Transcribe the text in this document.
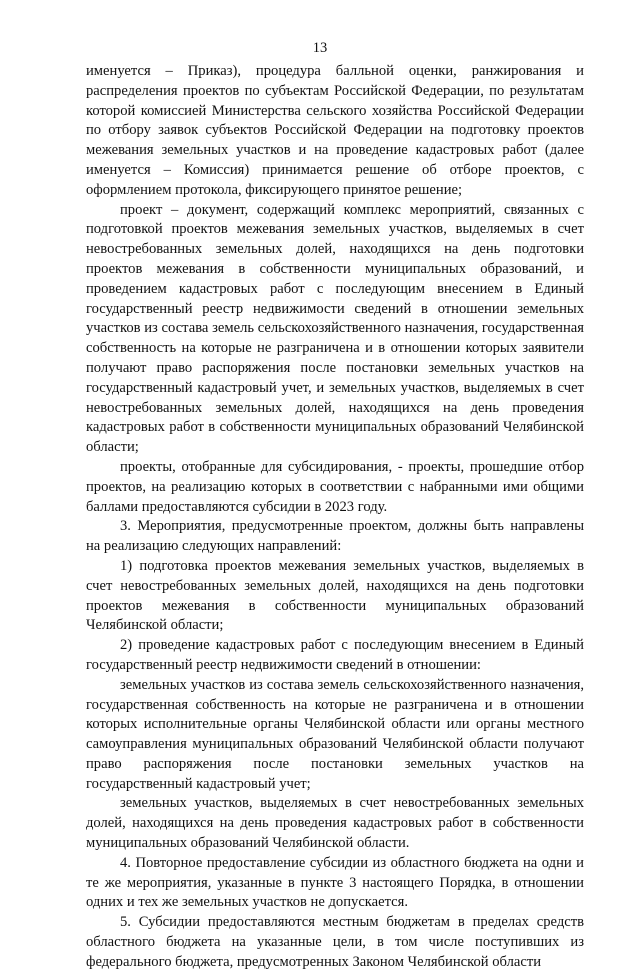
13

именуется – Приказ), процедура балльной оценки, ранжирования и распределения проектов по субъектам Российской Федерации, по результатам которой комиссией Министерства сельского хозяйства Российской Федерации по отбору заявок субъектов Российской Федерации на подготовку проектов межевания земельных участков и на проведение кадастровых работ (далее именуется – Комиссия) принимается решение об отборе проектов, с оформлением протокола, фиксирующего принятое решение;

проект – документ, содержащий комплекс мероприятий, связанных с подготовкой проектов межевания земельных участков, выделяемых в счет невостребованных земельных долей, находящихся на день подготовки проектов межевания в собственности муниципальных образований, и проведением кадастровых работ с последующим внесением в Единый государственный реестр недвижимости сведений в отношении земельных участков из состава земель сельскохозяйственного назначения, государственная собственность на которые не разграничена и в отношении которых заявители получают право распоряжения после постановки земельных участков на государственный кадастровый учет, и земельных участков, выделяемых в счет невостребованных земельных долей, находящихся на день проведения кадастровых работ в собственности муниципальных образований Челябинской области;

проекты, отобранные для субсидирования, - проекты, прошедшие отбор проектов, на реализацию которых в соответствии с набранными ими общими баллами предоставляются субсидии в 2023 году.

3. Мероприятия, предусмотренные проектом, должны быть направлены на реализацию следующих направлений:

1) подготовка проектов межевания земельных участков, выделяемых в счет невостребованных земельных долей, находящихся на день подготовки проектов межевания в собственности муниципальных образований Челябинской области;

2) проведение кадастровых работ с последующим внесением в Единый государственный реестр недвижимости сведений в отношении:

земельных участков из состава земель сельскохозяйственного назначения, государственная собственность на которые не разграничена и в отношении которых исполнительные органы Челябинской области или органы местного самоуправления муниципальных образований Челябинской области получают право распоряжения после постановки земельных участков на государственный кадастровый учет;

земельных участков, выделяемых в счет невостребованных земельных долей, находящихся на день проведения кадастровых работ в собственности муниципальных образований Челябинской области.

4. Повторное предоставление субсидии из областного бюджета на одни и те же мероприятия, указанные в пункте 3 настоящего Порядка, в отношении одних и тех же земельных участков не допускается.

5. Субсидии предоставляются местным бюджетам в пределах средств областного бюджета на указанные цели, в том числе поступивших из федерального бюджета, предусмотренных Законом Челябинской области
